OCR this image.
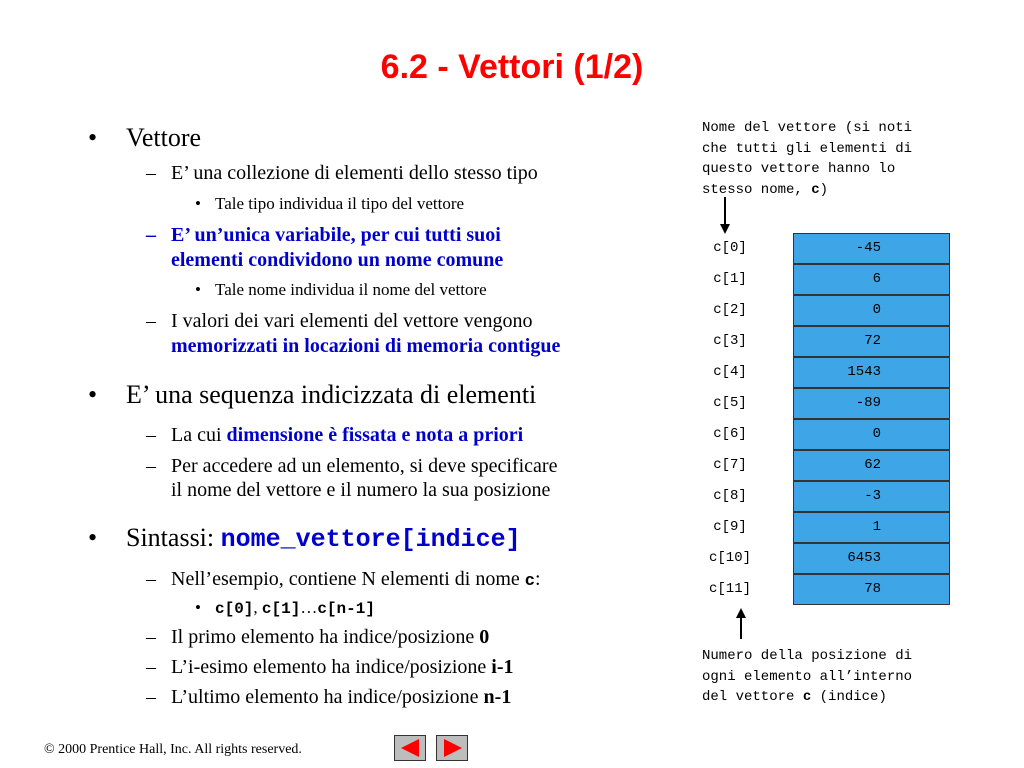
6.2 - Vettori (1/2)
• Vettore
– E’ una collezione di elementi dello stesso tipo
• Tale tipo individua il tipo del vettore
– E’ un’unica variabile, per cui tutti suoi
elementi condividono un nome comune
• Tale nome individua il nome del vettore
– I valori dei vari elementi del vettore vengono
memorizzati in locazioni di memoria contigue
• E’ una sequenza indicizzata di elementi
– La cui dimensione è fissata e nota a priori
– Per accedere ad un elemento, si deve specificare
il nome del vettore e il numero la sua posizione
• Sintassi: nome_vettore[indice]
– Nell’esempio, contiene N elementi di nome c:
• c[0], c[1]…c[n-1]
– Il primo elemento ha indice/posizione 0
– L’i-esimo elemento ha indice/posizione i-1
– L’ultimo elemento ha indice/posizione n-1
Nome del vettore (si noti
che tutti gli elementi di
questo vettore hanno lo
stesso nome, c)
c[0]	-45
c[1]	6
c[2]	0
c[3]	72
c[4]	1543
c[5]	-89
c[6]	0
c[7]	62
c[8]	-3
c[9]	1
c[10]	6453
c[11]	78
Numero della posizione di
ogni elemento all’interno
del vettore c (indice)
© 2000 Prentice Hall, Inc. All rights reserved.
